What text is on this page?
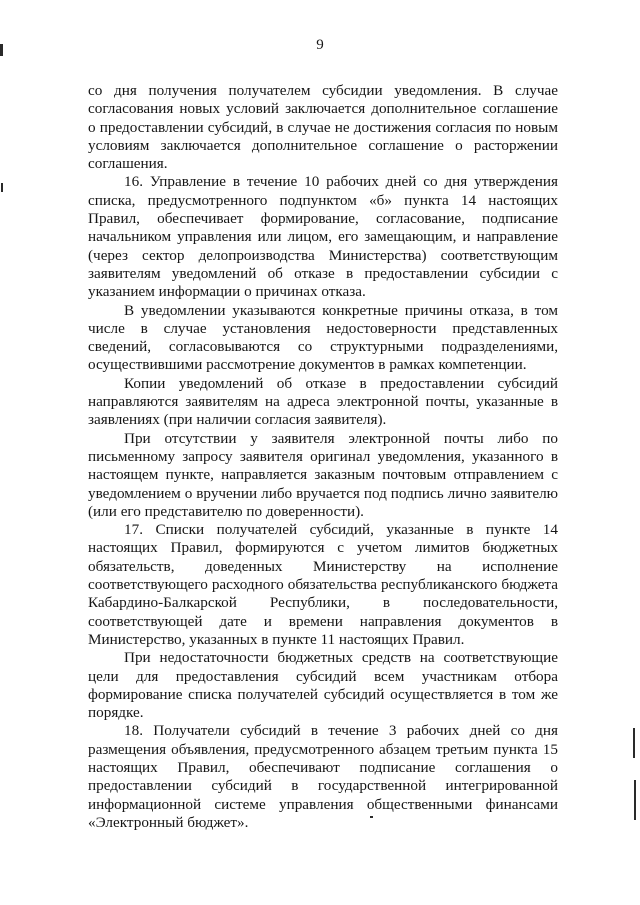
9

со дня получения получателем субсидии уведомления. В случае согласования новых условий заключается дополнительное соглашение о предоставлении субсидий, в случае не достижения согласия по новым условиям заключается дополнительное соглашение о расторжении соглашения.

16. Управление в течение 10 рабочих дней со дня утверждения списка, предусмотренного подпунктом «б» пункта 14 настоящих Правил, обеспечивает формирование, согласование, подписание начальником управления или лицом, его замещающим, и направление (через сектор делопроизводства Министерства) соответствующим заявителям уведомлений об отказе в предоставлении субсидии с указанием информации о причинах отказа.

В уведомлении указываются конкретные причины отказа, в том числе в случае установления недостоверности представленных сведений, согласовываются со структурными подразделениями, осуществившими рассмотрение документов в рамках компетенции.

Копии уведомлений об отказе в предоставлении субсидий направляются заявителям на адреса электронной почты, указанные в заявлениях (при наличии согласия заявителя).

При отсутствии у заявителя электронной почты либо по письменному запросу заявителя оригинал уведомления, указанного в настоящем пункте, направляется заказным почтовым отправлением с уведомлением о вручении либо вручается под подпись лично заявителю (или его представителю по доверенности).

17. Списки получателей субсидий, указанные в пункте 14 настоящих Правил, формируются с учетом лимитов бюджетных обязательств, доведенных Министерству на исполнение соответствующего расходного обязательства республиканского бюджета Кабардино-Балкарской Республики, в последовательности, соответствующей дате и времени направления документов в Министерство, указанных в пункте 11 настоящих Правил.

При недостаточности бюджетных средств на соответствующие цели для предоставления субсидий всем участникам отбора формирование списка получателей субсидий осуществляется в том же порядке.

18. Получатели субсидий в течение 3 рабочих дней со дня размещения объявления, предусмотренного абзацем третьим пункта 15 настоящих Правил, обеспечивают подписание соглашения о предоставлении субсидий в государственной интегрированной информационной системе управления общественными финансами «Электронный бюджет».
